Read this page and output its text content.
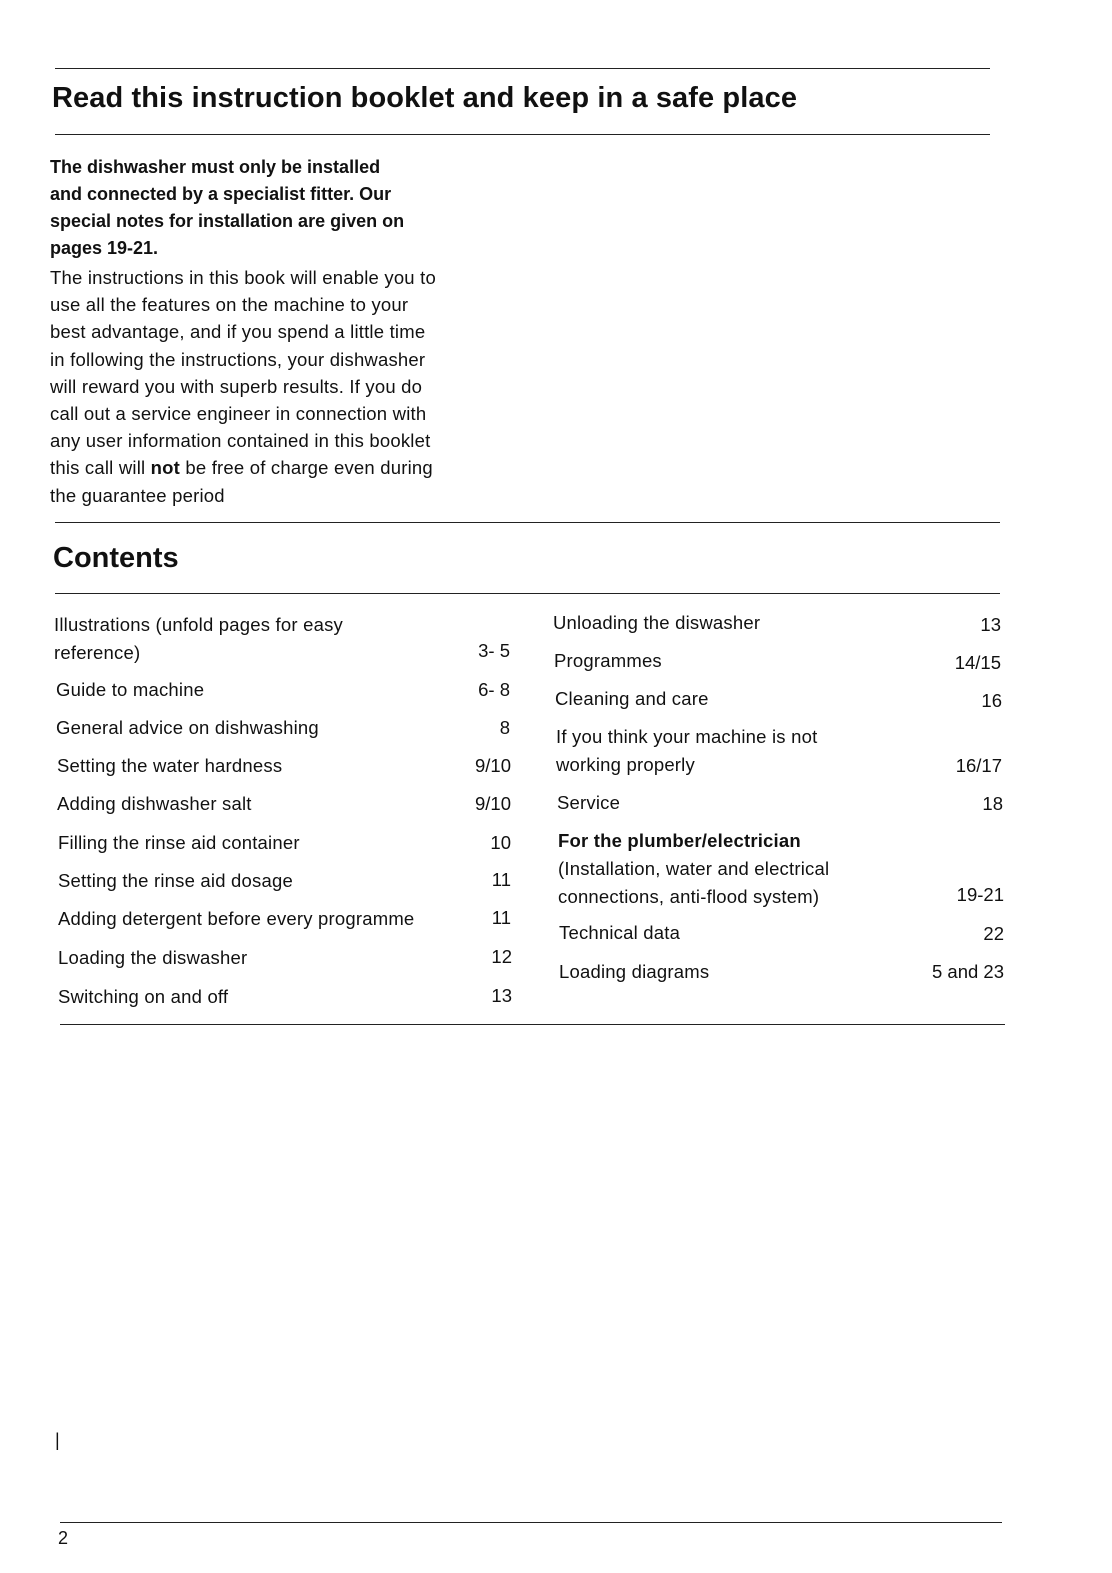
Read this instruction booklet and keep in a safe place
The dishwasher must only be installed
and connected by a specialist fitter. Our
special notes for installation are given on
pages 19-21.
The instructions in this book will enable you to
use all the features on the machine to your
best advantage, and if you spend a little time
in following the instructions, your dishwasher
will reward you with superb results. If you do
call out a service engineer in connection with
any user information contained in this booklet
this call will not be free of charge even during
the guarantee period
Contents
Illustrations (unfold pages for easy
reference)	3- 5
Guide to machine	6- 8
General advice on dishwashing	8
Setting the water hardness	9/10
Adding dishwasher salt	9/10
Filling the rinse aid container	10
Setting the rinse aid dosage	11
Adding detergent before every programme	11
Loading the diswasher	12
Switching on and off	13
Unloading the diswasher	13
Programmes	14/15
Cleaning and care	16
If you think your machine is not
working properly	16/17
Service	18
For the plumber/electrician
(Installation, water and electrical
connections, anti-flood system)	19-21
Technical data	22
Loading diagrams	5 and 23
|
2
